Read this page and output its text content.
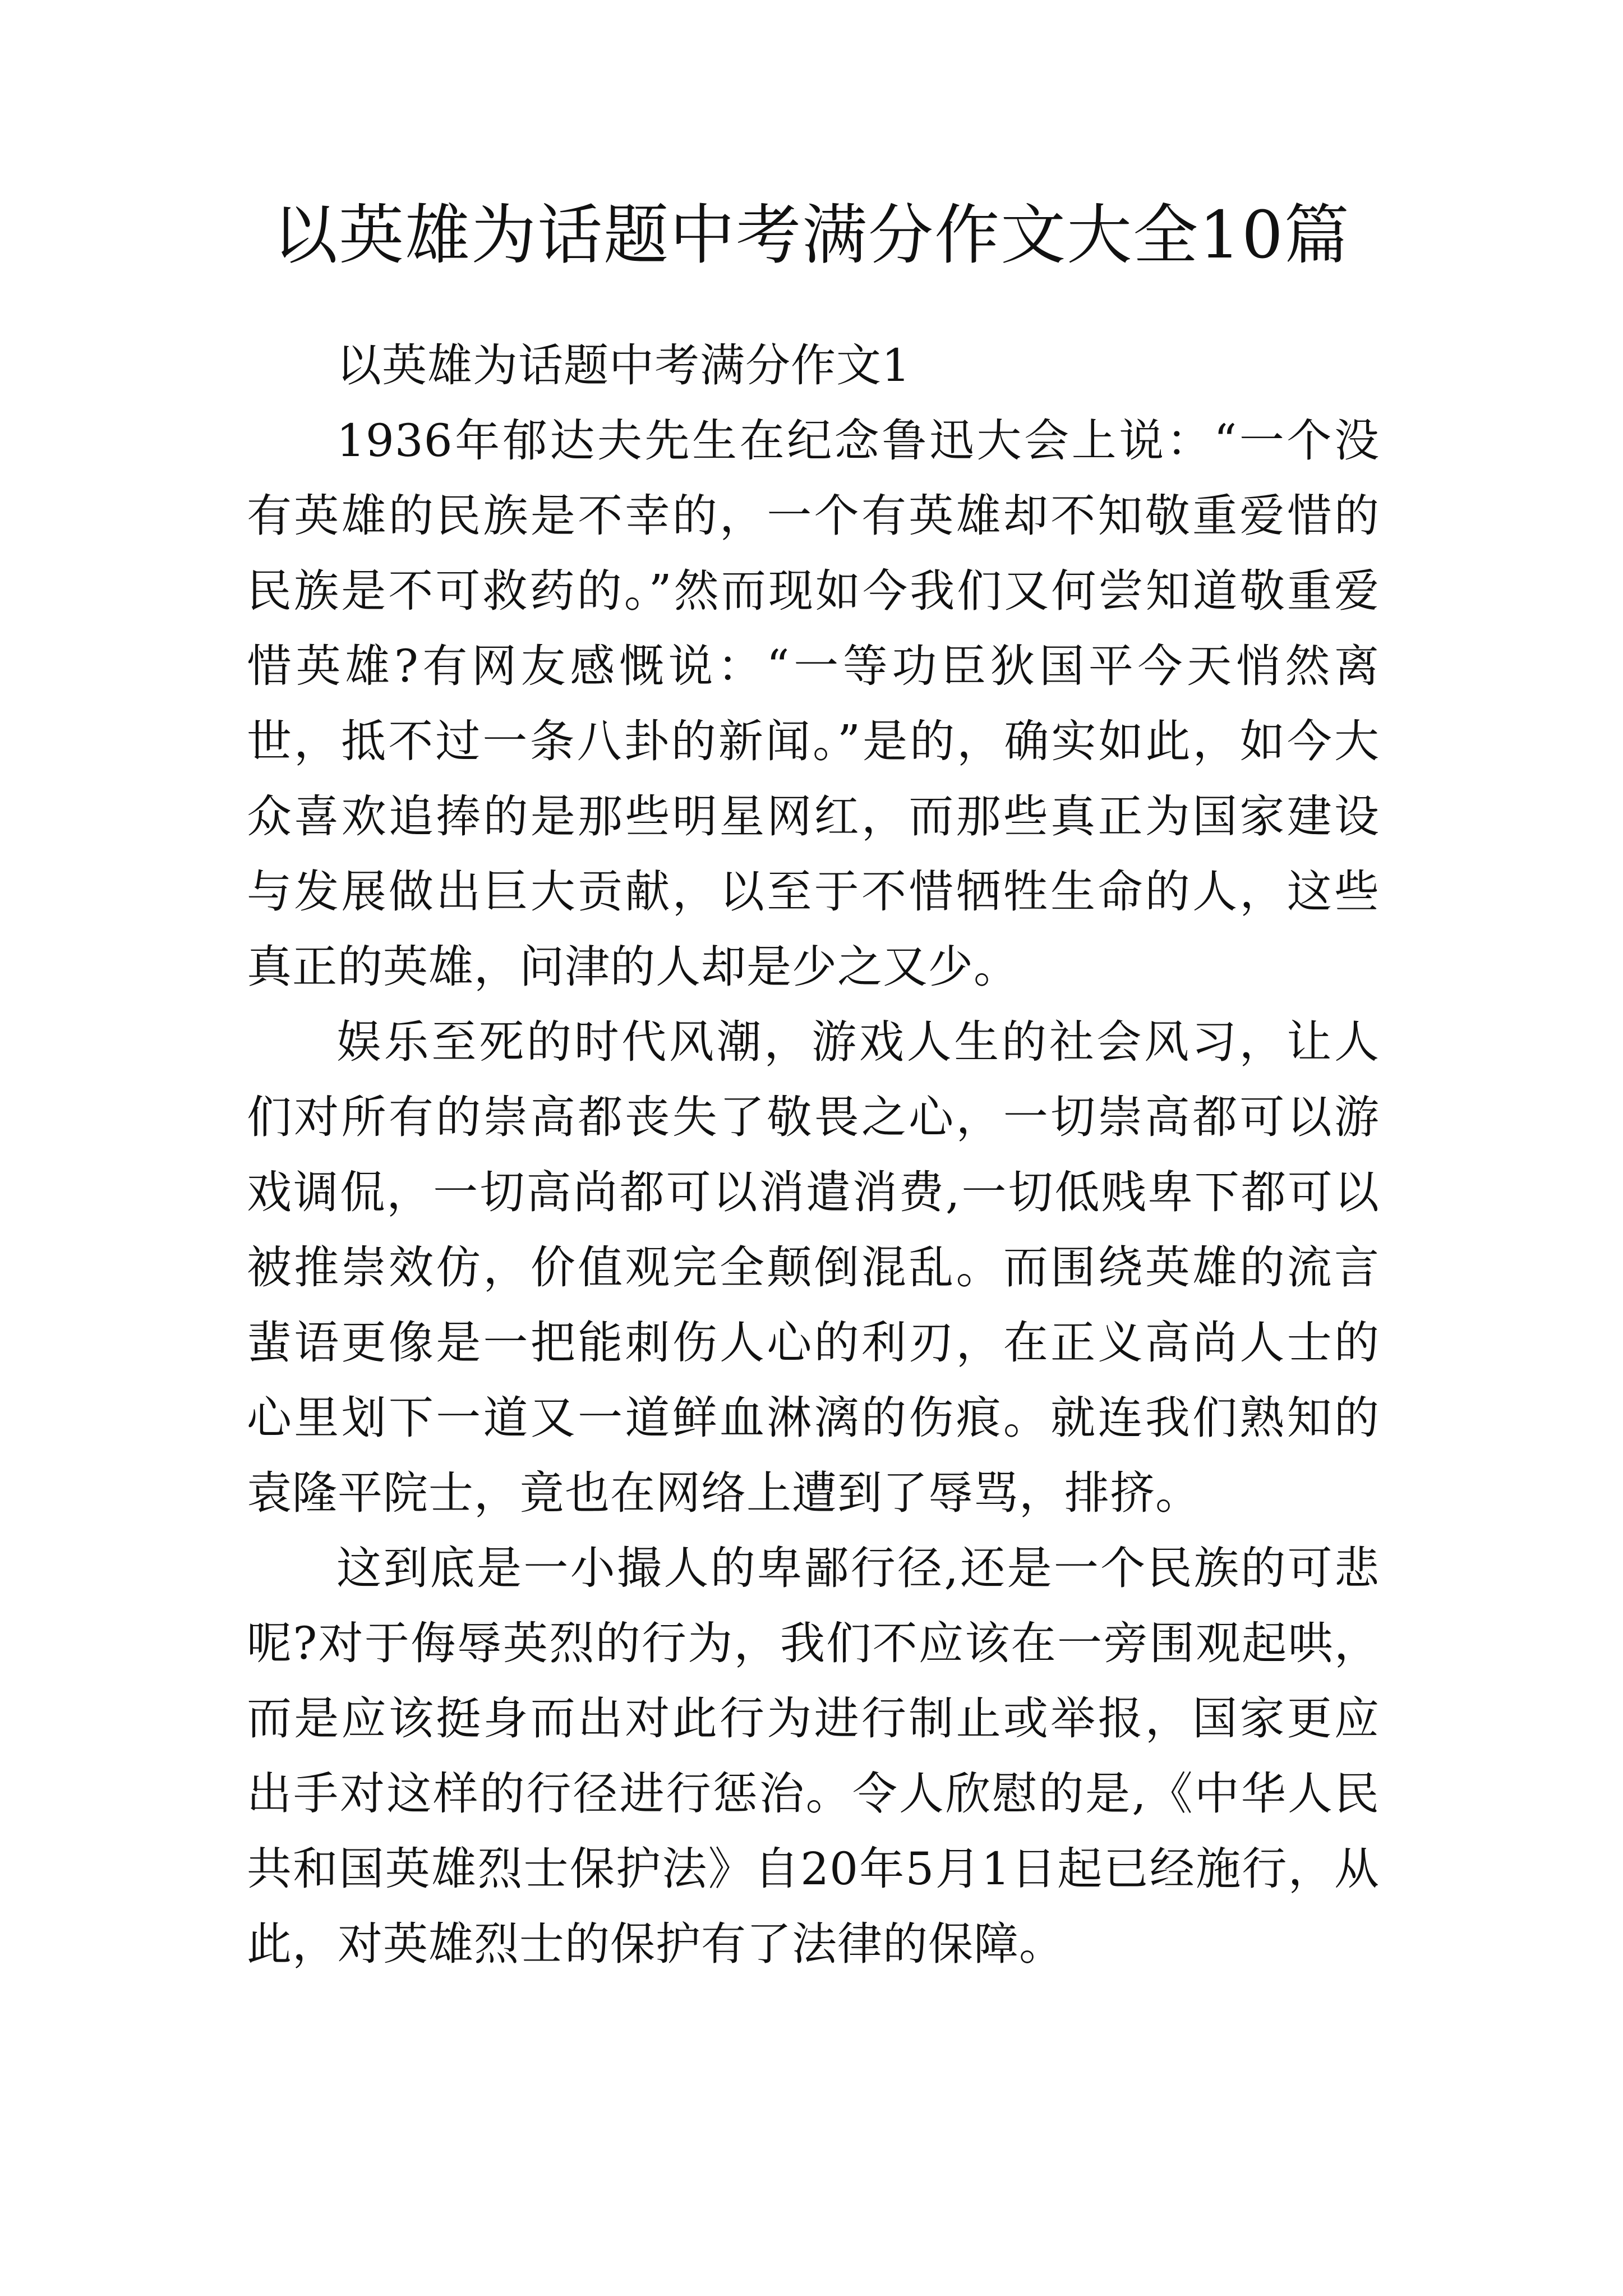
以英雄为话题中考满分作文大全10篇

以英雄为话题中考满分作文1

1936年郁达夫先生在纪念鲁迅大会上说：“一个没有英雄的民族是不幸的，一个有英雄却不知敬重爱惜的民族是不可救药的。”然而现如今我们又何尝知道敬重爱惜英雄?有网友感慨说：“一等功臣狄国平今天悄然离世，抵不过一条八卦的新闻。”是的，确实如此，如今大众喜欢追捧的是那些明星网红，而那些真正为国家建设与发展做出巨大贡献，以至于不惜牺牲生命的人，这些真正的英雄，问津的人却是少之又少。

娱乐至死的时代风潮，游戏人生的社会风习，让人们对所有的崇高都丧失了敬畏之心，一切崇高都可以游戏调侃，一切高尚都可以消遣消费,一切低贱卑下都可以被推崇效仿，价值观完全颠倒混乱。而围绕英雄的流言蜚语更像是一把能刺伤人心的利刃，在正义高尚人士的心里划下一道又一道鲜血淋漓的伤痕。就连我们熟知的袁隆平院士，竟也在网络上遭到了辱骂，排挤。

这到底是一小撮人的卑鄙行径,还是一个民族的可悲呢?对于侮辱英烈的行为，我们不应该在一旁围观起哄，而是应该挺身而出对此行为进行制止或举报，国家更应出手对这样的行径进行惩治。令人欣慰的是,《中华人民共和国英雄烈士保护法》自20年5月1日起已经施行，从此，对英雄烈士的保护有了法律的保障。
